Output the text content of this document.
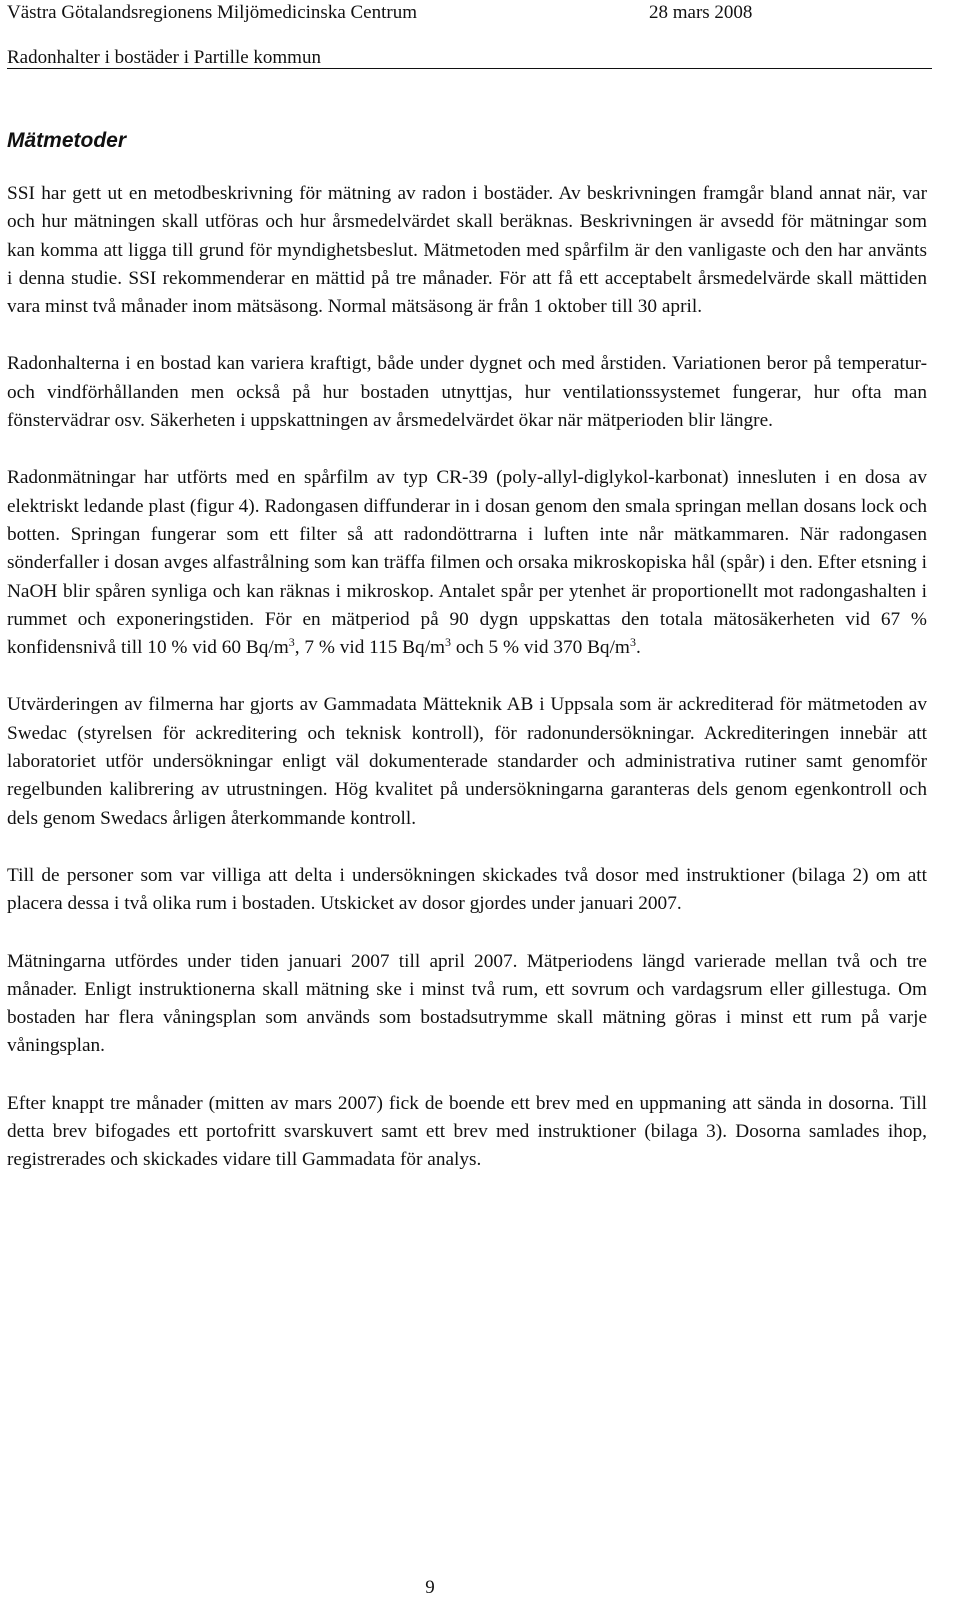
Västra Götalandsregionens Miljömedicinska Centrum	28 mars 2008
Radonhalter i bostäder i Partille kommun
Mätmetoder

SSI har gett ut en metodbeskrivning för mätning av radon i bostäder. Av beskrivningen framgår bland annat när, var och hur mätningen skall utföras och hur årsmedelvärdet skall beräknas. Beskrivningen är avsedd för mätningar som kan komma att ligga till grund för myndighetsbeslut. Mätmetoden med spårfilm är den vanligaste och den har använts i denna studie. SSI rekommenderar en mättid på tre månader. För att få ett acceptabelt årsmedelvärde skall mättiden vara minst två månader inom mätsäsong. Normal mätsäsong är från 1 oktober till 30 april.

Radonhalterna i en bostad kan variera kraftigt, både under dygnet och med årstiden. Variationen beror på temperatur- och vindförhållanden men också på hur bostaden utnyttjas, hur ventilationssystemet fungerar, hur ofta man fönstervädrar osv. Säkerheten i uppskattningen av årsmedelvärdet ökar när mätperioden blir längre.

Radonmätningar har utförts med en spårfilm av typ CR-39 (poly-allyl-diglykol-karbonat) innesluten i en dosa av elektriskt ledande plast (figur 4). Radongasen diffunderar in i dosan genom den smala springan mellan dosans lock och botten. Springan fungerar som ett filter så att radondöttrarna i luften inte når mätkammaren. När radongasen sönderfaller i dosan avges alfastrålning som kan träffa filmen och orsaka mikroskopiska hål (spår) i den. Efter etsning i NaOH blir spåren synliga och kan räknas i mikroskop. Antalet spår per ytenhet är proportionellt mot radongashalten i rummet och exponeringstiden. För en mätperiod på 90 dygn uppskattas den totala mätosäkerheten vid 67 % konfidensnivå till 10 % vid 60 $Bq/m^3$, 7 % vid 115 $Bq/m^3$ och 5 % vid 370 $Bq/m^3$.

Utvärderingen av filmerna har gjorts av Gammadata Mätteknik AB i Uppsala som är ackrediterad för mätmetoden av Swedac (styrelsen för ackreditering och teknisk kontroll), för radonundersökningar. Ackrediteringen innebär att laboratoriet utför undersökningar enligt väl dokumenterade standarder och administrativa rutiner samt genomför regelbunden kalibrering av utrustningen. Hög kvalitet på undersökningarna garanteras dels genom egenkontroll och dels genom Swedacs årligen återkommande kontroll.

Till de personer som var villiga att delta i undersökningen skickades två dosor med instruktioner (bilaga 2) om att placera dessa i två olika rum i bostaden. Utskicket av dosor gjordes under januari 2007.

Mätningarna utfördes under tiden januari 2007 till april 2007. Mätperiodens längd varierade mellan två och tre månader. Enligt instruktionerna skall mätning ske i minst två rum, ett sovrum och vardagsrum eller gillestuga. Om bostaden har flera våningsplan som används som bostadsutrymme skall mätning göras i minst ett rum på varje våningsplan.

Efter knappt tre månader (mitten av mars 2007) fick de boende ett brev med en uppmaning att sända in dosorna. Till detta brev bifogades ett portofritt svarskuvert samt ett brev med instruktioner (bilaga 3). Dosorna samlades ihop, registrerades och skickades vidare till Gammadata för analys.

9
